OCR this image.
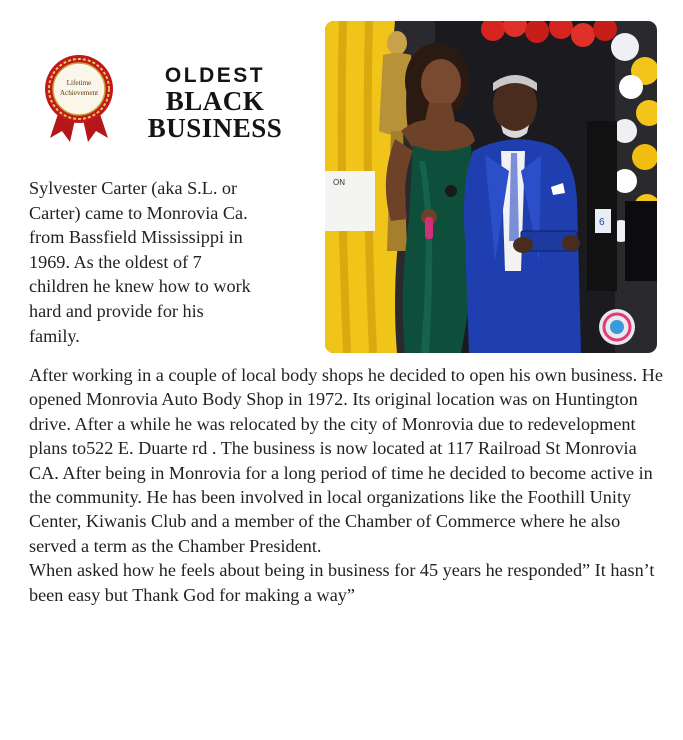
Lifetime
Achievement
OLDEST
BLACK
BUSINESS
Sylvester Carter (aka S.L. or
Carter) came to Monrovia Ca.
from Bassfield Mississippi in
1969. As the oldest of 7
children he knew how to work
hard and provide for his
family.

After working in a couple of local body shops he decided to open his own business. He opened Monrovia Auto Body Shop in 1972. Its original location was on Huntington drive. After a while he was relocated by the city of Monrovia due to redevelopment plans to522 E. Duarte rd . The business is now located at 117 Railroad St Monrovia CA. After being in Monrovia for a long period of time he decided to become active in the community. He has been involved in local organizations like the Foothill Unity Center, Kiwanis Club and a member of the Chamber of Commerce where he also served a term as the Chamber President.

When asked how he feels about being in business for 45 years he responded” It hasn’t been easy but Thank God for making a way”

ON
6
